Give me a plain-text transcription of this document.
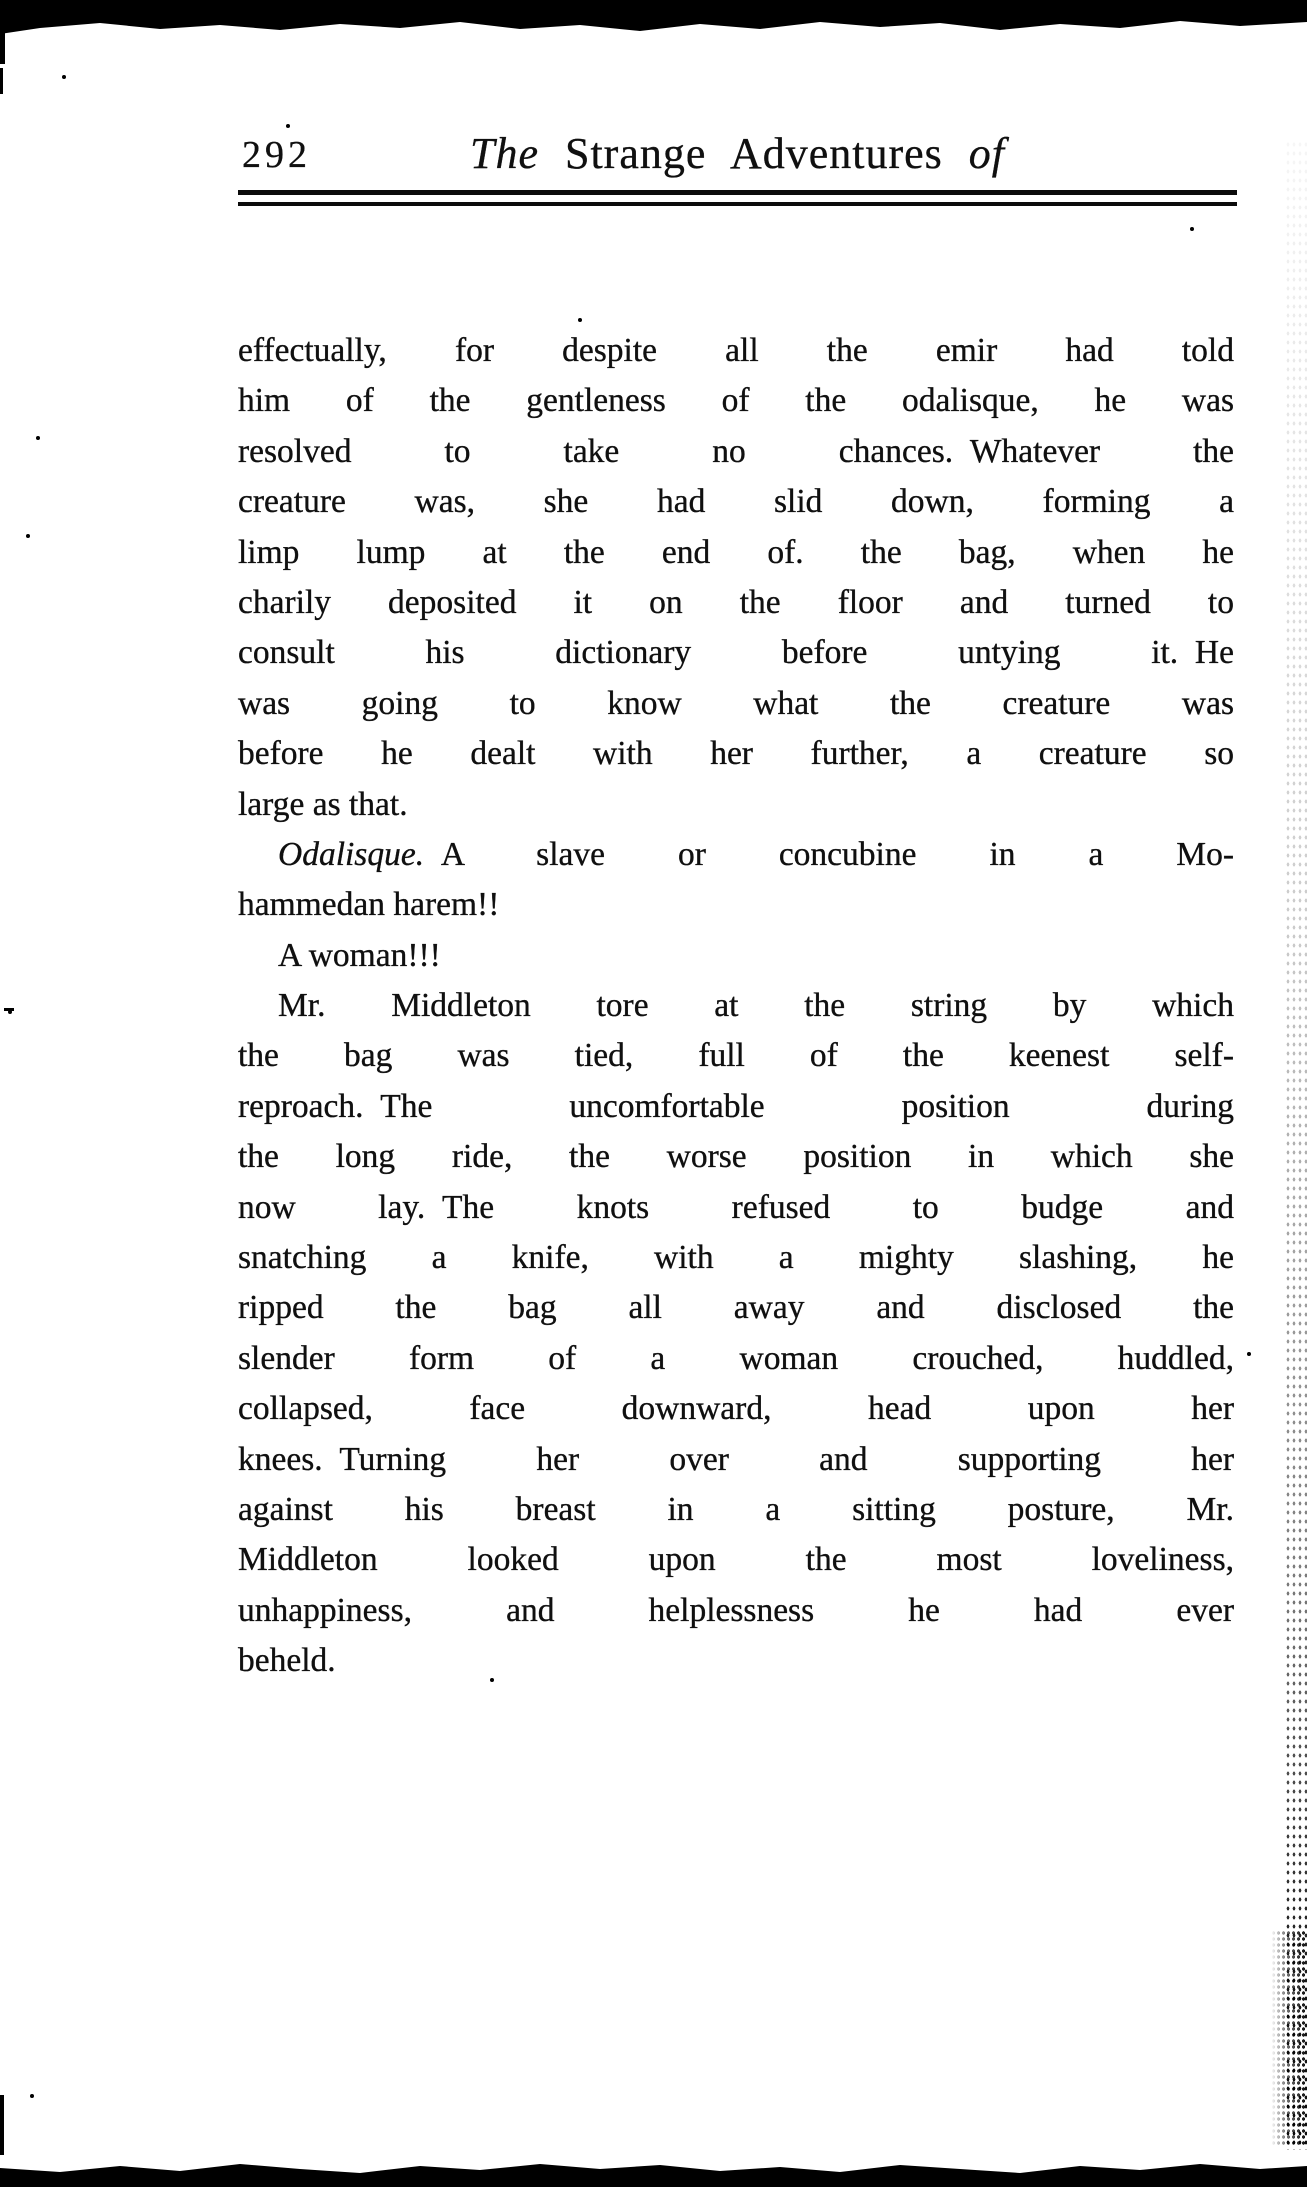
292	The Strange Adventures of
effectually, for despite all the emir had told
him of the gentleness of the odalisque, he was
resolved to take no chances. Whatever the
creature was, she had slid down, forming a
limp lump at the end of. the bag, when he
charily deposited it on the floor and turned to
consult his dictionary before untying it. He
was going to know what the creature was
before he dealt with her further, a creature so
large as that.
Odalisque. A slave or concubine in a Mo-
hammedan harem!!
A woman!!!
Mr. Middleton tore at the string by which
the bag was tied, full of the keenest self-
reproach. The uncomfortable position during
the long ride, the worse position in which she
now lay. The knots refused to budge and
snatching a knife, with a mighty slashing, he
ripped the bag all away and disclosed the
slender form of a woman crouched, huddled,
collapsed, face downward, head upon her
knees. Turning her over and supporting her
against his breast in a sitting posture, Mr.
Middleton looked upon the most loveliness,
unhappiness, and helplessness he had ever
beheld.
